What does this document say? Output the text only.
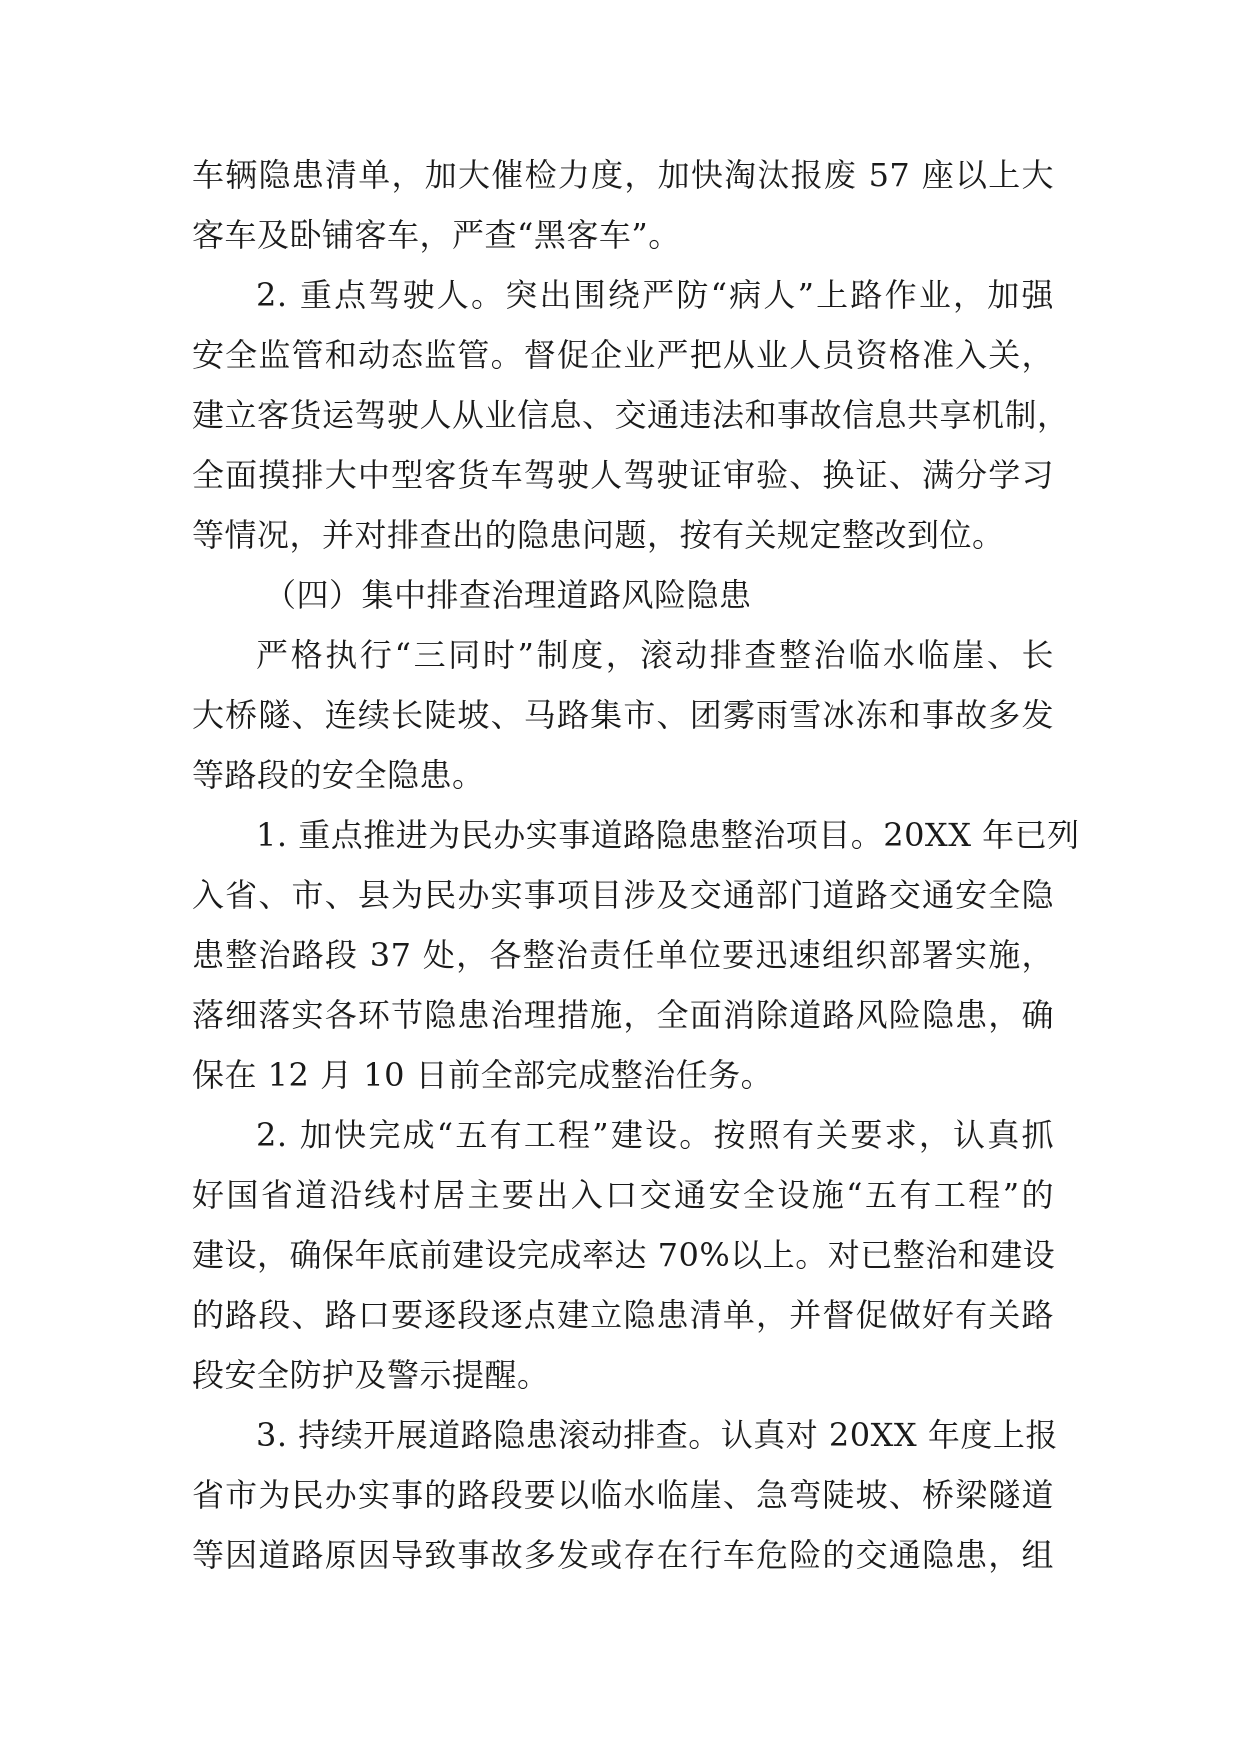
车辆隐患清单，加大催检力度，加快淘汰报废 57 座以上大
客车及卧铺客车，严查“黑客车”。
2. 重点驾驶人。突出围绕严防“病人”上路作业，加强
安全监管和动态监管。督促企业严把从业人员资格准入关，
建立客货运驾驶人从业信息、交通违法和事故信息共享机制，
全面摸排大中型客货车驾驶人驾驶证审验、换证、满分学习
等情况，并对排查出的隐患问题，按有关规定整改到位。
（四）集中排查治理道路风险隐患
严格执行“三同时”制度，滚动排查整治临水临崖、长
大桥隧、连续长陡坡、马路集市、团雾雨雪冰冻和事故多发
等路段的安全隐患。
1. 重点推进为民办实事道路隐患整治项目。20XX 年已列
入省、市、县为民办实事项目涉及交通部门道路交通安全隐
患整治路段 37 处，各整治责任单位要迅速组织部署实施，
落细落实各环节隐患治理措施，全面消除道路风险隐患，确
保在 12 月 10 日前全部完成整治任务。
2. 加快完成“五有工程”建设。按照有关要求，认真抓
好国省道沿线村居主要出入口交通安全设施“五有工程”的
建设，确保年底前建设完成率达 70%以上。对已整治和建设
的路段、路口要逐段逐点建立隐患清单，并督促做好有关路
段安全防护及警示提醒。
3. 持续开展道路隐患滚动排查。认真对 20XX 年度上报
省市为民办实事的路段要以临水临崖、急弯陡坡、桥梁隧道
等因道路原因导致事故多发或存在行车危险的交通隐患，组
